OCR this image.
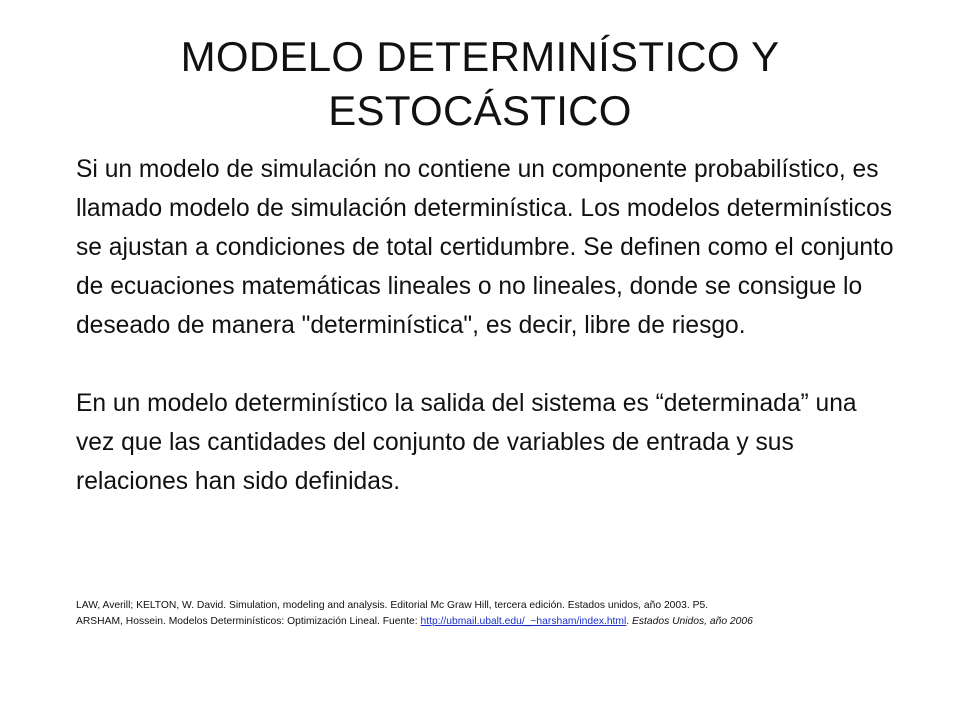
MODELO DETERMINÍSTICO Y
ESTOCÁSTICO

Si un modelo de simulación no contiene un componente probabilístico, es llamado modelo de simulación determinística. Los modelos determinísticos se ajustan a condiciones de total certidumbre. Se definen como el conjunto de ecuaciones matemáticas lineales o no lineales, donde se consigue lo deseado de manera "determinística", es decir, libre de riesgo.

En un modelo determinístico la salida del sistema es “determinada” una vez que las cantidades del conjunto de variables de entrada y sus relaciones han sido definidas.

LAW, Averill; KELTON, W. David. Simulation, modeling and analysis. Editorial Mc Graw Hill, tercera edición. Estados unidos, año 2003. P5.
ARSHAM, Hossein. Modelos Determinísticos: Optimización Lineal. Fuente: http://ubmail.ubalt.edu/_~harsham/index.html. Estados Unidos, año 2006
